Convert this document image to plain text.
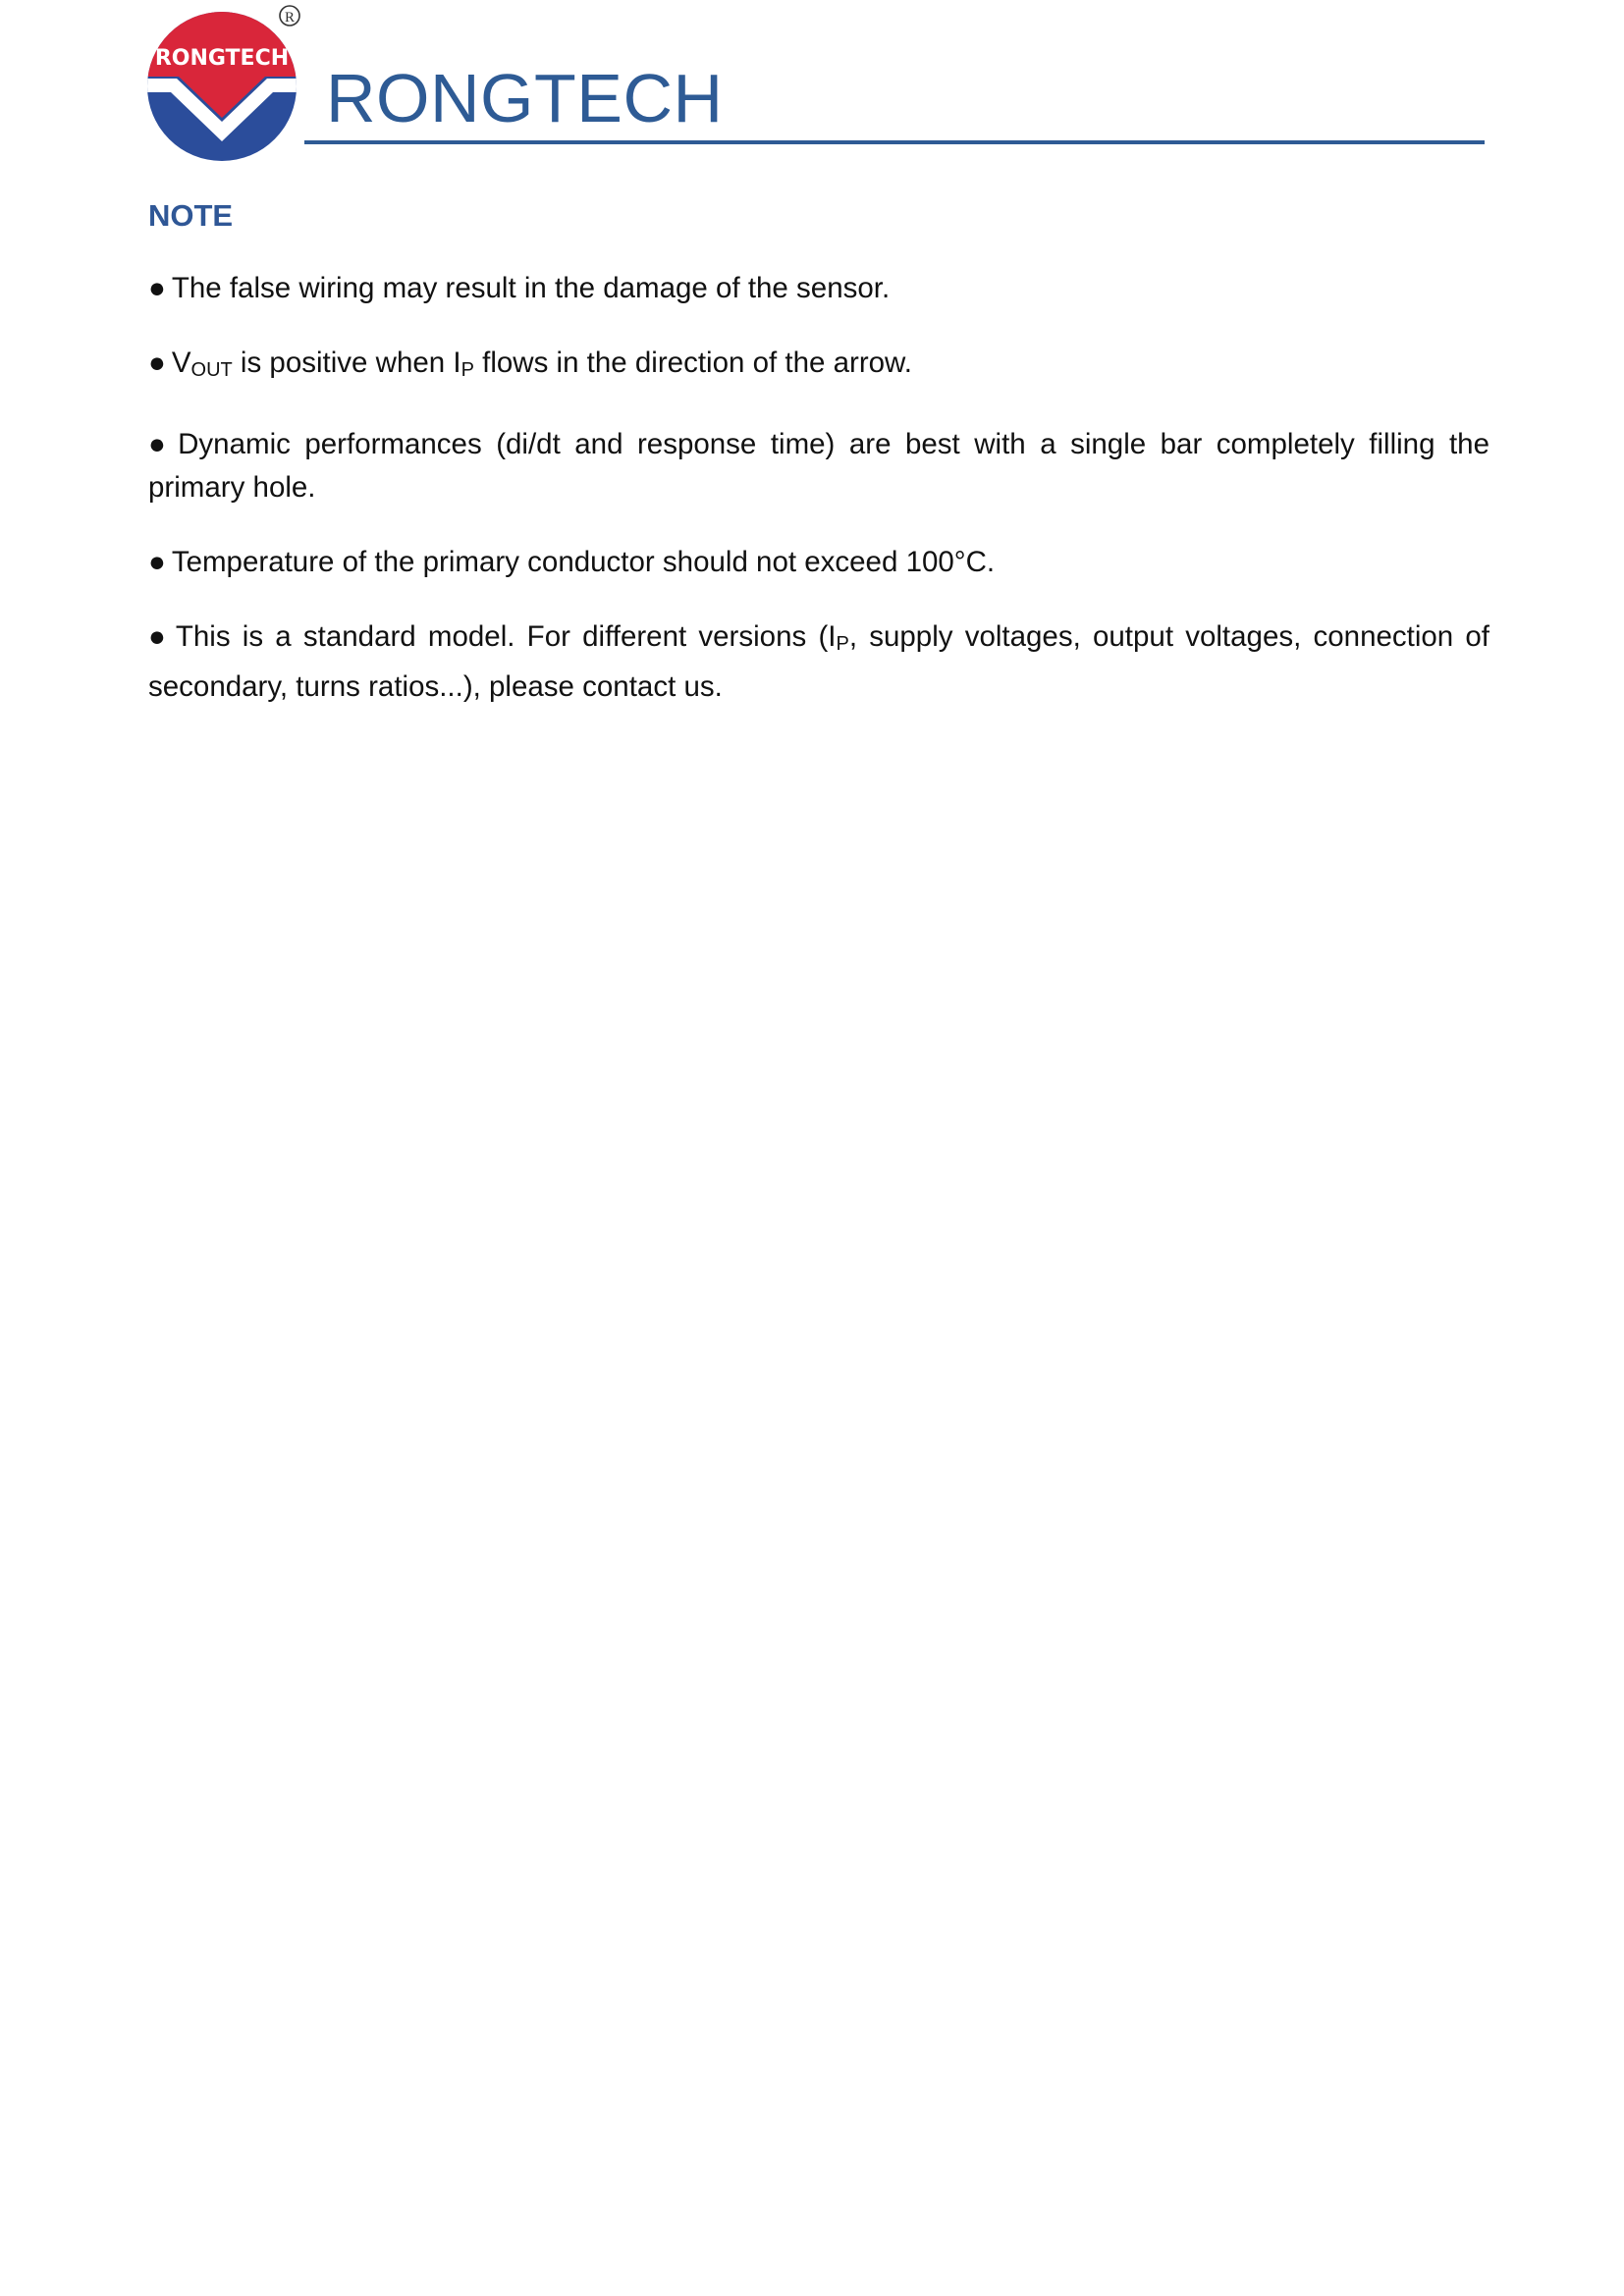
RONGTECH
R
RONGTECH
NOTE
● The false wiring may result in the damage of the sensor.
● $V_{OUT}$ is positive when $I_P$ flows in the direction of the arrow.
● Dynamic performances (di/dt and response time) are best with a single bar completely filling the primary hole.
● Temperature of the primary conductor should not exceed 100°C.
● This is a standard model. For different versions ($I_P$, supply voltages, output voltages, connection of secondary, turns ratios...), please contact us.
